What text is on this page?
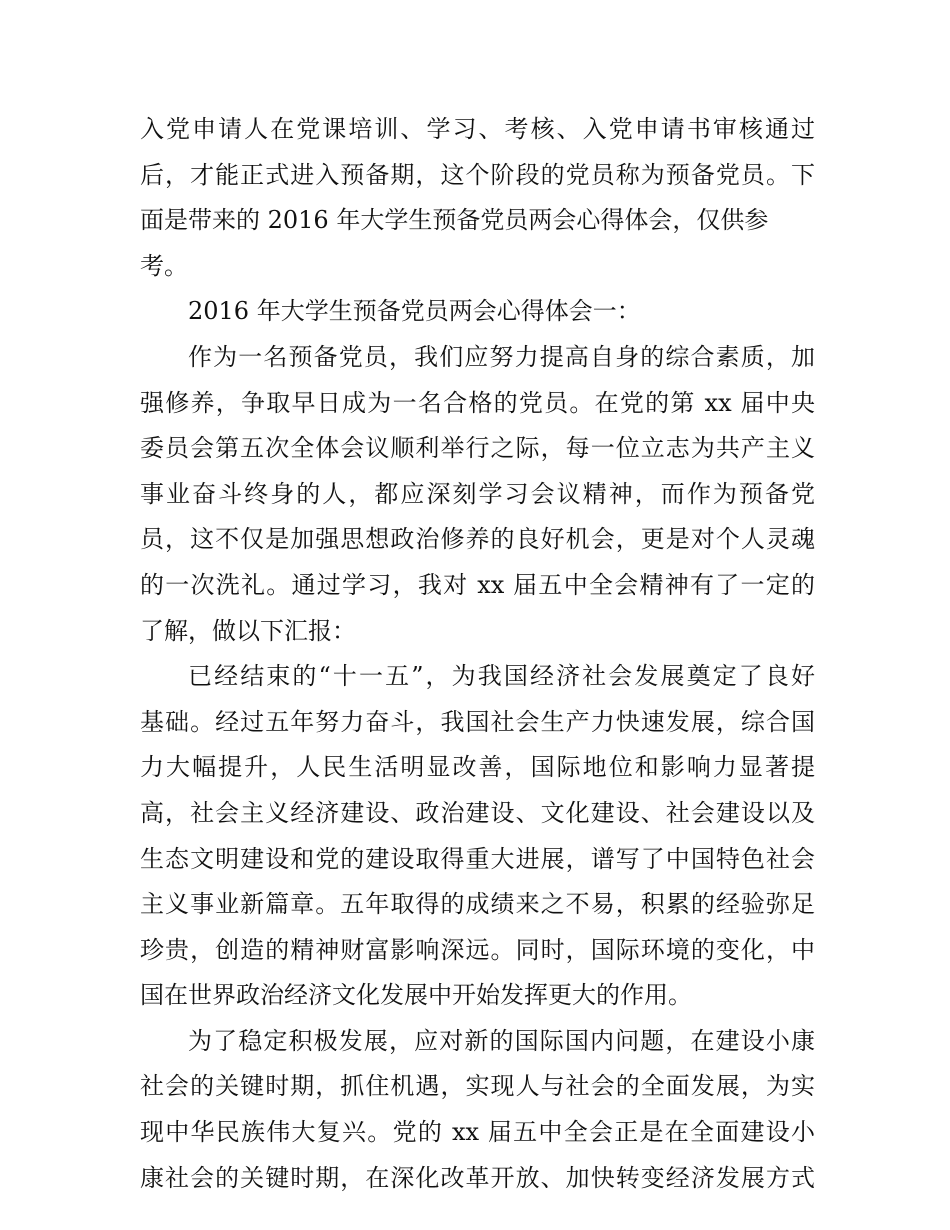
入党申请人在党课培训、学习、考核、入党申请书审核通过
后，才能正式进入预备期，这个阶段的党员称为预备党员。下
面是带来的 2016 年大学生预备党员两会心得体会，仅供参
考。
2016 年大学生预备党员两会心得体会一：
作为一名预备党员，我们应努力提高自身的综合素质，加
强修养，争取早日成为一名合格的党员。在党的第 xx 届中央
委员会第五次全体会议顺利举行之际，每一位立志为共产主义
事业奋斗终身的人，都应深刻学习会议精神，而作为预备党
员，这不仅是加强思想政治修养的良好机会，更是对个人灵魂
的一次洗礼。通过学习，我对 xx 届五中全会精神有了一定的
了解，做以下汇报：
已经结束的“十一五”，为我国经济社会发展奠定了良好
基础。经过五年努力奋斗，我国社会生产力快速发展，综合国
力大幅提升，人民生活明显改善，国际地位和影响力显著提
高，社会主义经济建设、政治建设、文化建设、社会建设以及
生态文明建设和党的建设取得重大进展，谱写了中国特色社会
主义事业新篇章。五年取得的成绩来之不易，积累的经验弥足
珍贵，创造的精神财富影响深远。同时，国际环境的变化，中
国在世界政治经济文化发展中开始发挥更大的作用。
为了稳定积极发展，应对新的国际国内问题，在建设小康
社会的关键时期，抓住机遇，实现人与社会的全面发展，为实
现中华民族伟大复兴。党的 xx 届五中全会正是在全面建设小
康社会的关键时期，在深化改革开放、加快转变经济发展方式
